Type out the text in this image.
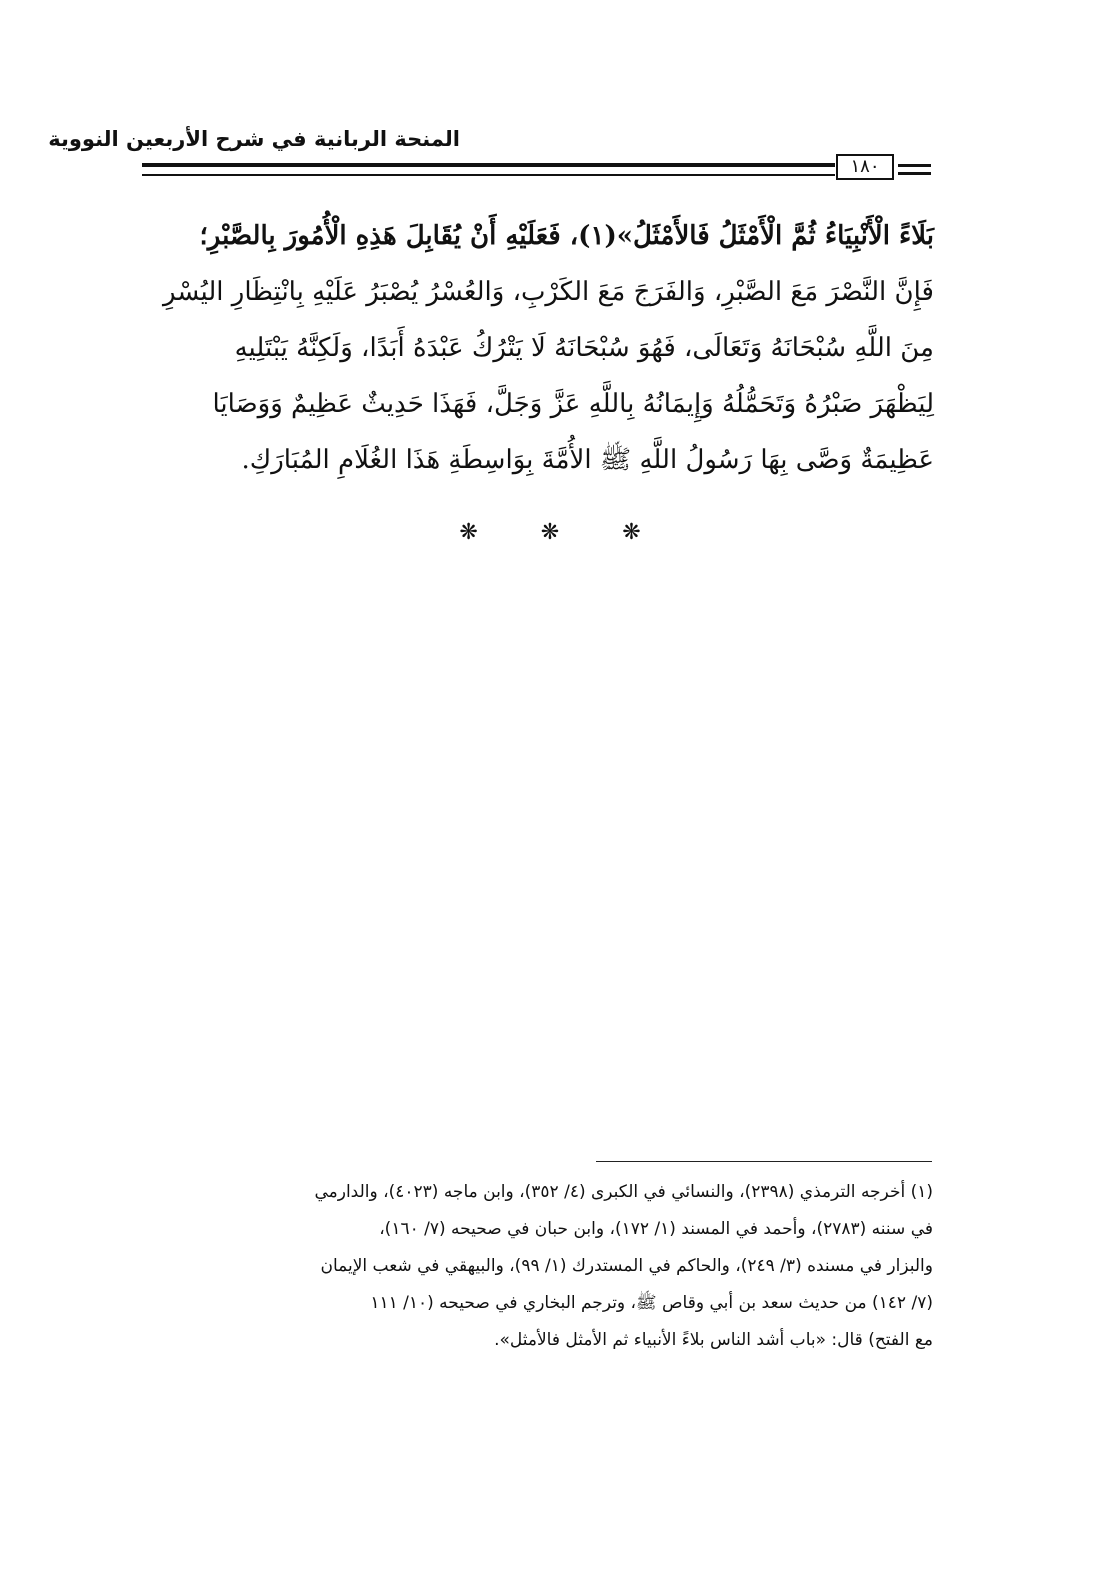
المنحة الربانية في شرح الأربعين النووية
١٨٠
بَلَاءً الْأَنْبِيَاءُ ثُمَّ الْأَمْثَلُ فَالأَمْثَلُ»(١)، فَعَلَيْهِ أَنْ يُقَابِلَ هَذِهِ الْأُمُورَ بِالصَّبْرِ؛
فَإِنَّ النَّصْرَ مَعَ الصَّبْرِ، وَالفَرَجَ مَعَ الكَرْبِ، وَالعُسْرُ يُصْبَرُ عَلَيْهِ بِانْتِظَارِ اليُسْرِ
مِنَ اللَّهِ سُبْحَانَهُ وَتَعَالَى، فَهُوَ سُبْحَانَهُ لَا يَتْرُكُ عَبْدَهُ أَبَدًا، وَلَكِنَّهُ يَبْتَلِيهِ
لِيَظْهَرَ صَبْرُهُ وَتَحَمُّلُهُ وَإِيمَانُهُ بِاللَّهِ عَزَّ وَجَلَّ، فَهَذَا حَدِيثٌ عَظِيمٌ وَوَصَايَا
عَظِيمَةٌ وَصَّى بِهَا رَسُولُ اللَّهِ ﷺ الأُمَّةَ بِوَاسِطَةِ هَذَا الغُلَامِ المُبَارَكِ.
❋ ❋ ❋
(١) أخرجه الترمذي (٢٣٩٨)، والنسائي في الكبرى (٤/ ٣٥٢)، وابن ماجه (٤٠٢٣)، والدارمي
في سننه (٢٧٨٣)، وأحمد في المسند (١/ ١٧٢)، وابن حبان في صحيحه (٧/ ١٦٠)،
والبزار في مسنده (٣/ ٢٤٩)، والحاكم في المستدرك (١/ ٩٩)، والبيهقي في شعب الإيمان
(٧/ ١٤٢) من حديث سعد بن أبي وقاص ﷺ، وترجم البخاري في صحيحه (١٠/ ١١١
مع الفتح) قال: «باب أشد الناس بلاءً الأنبياء ثم الأمثل فالأمثل».
